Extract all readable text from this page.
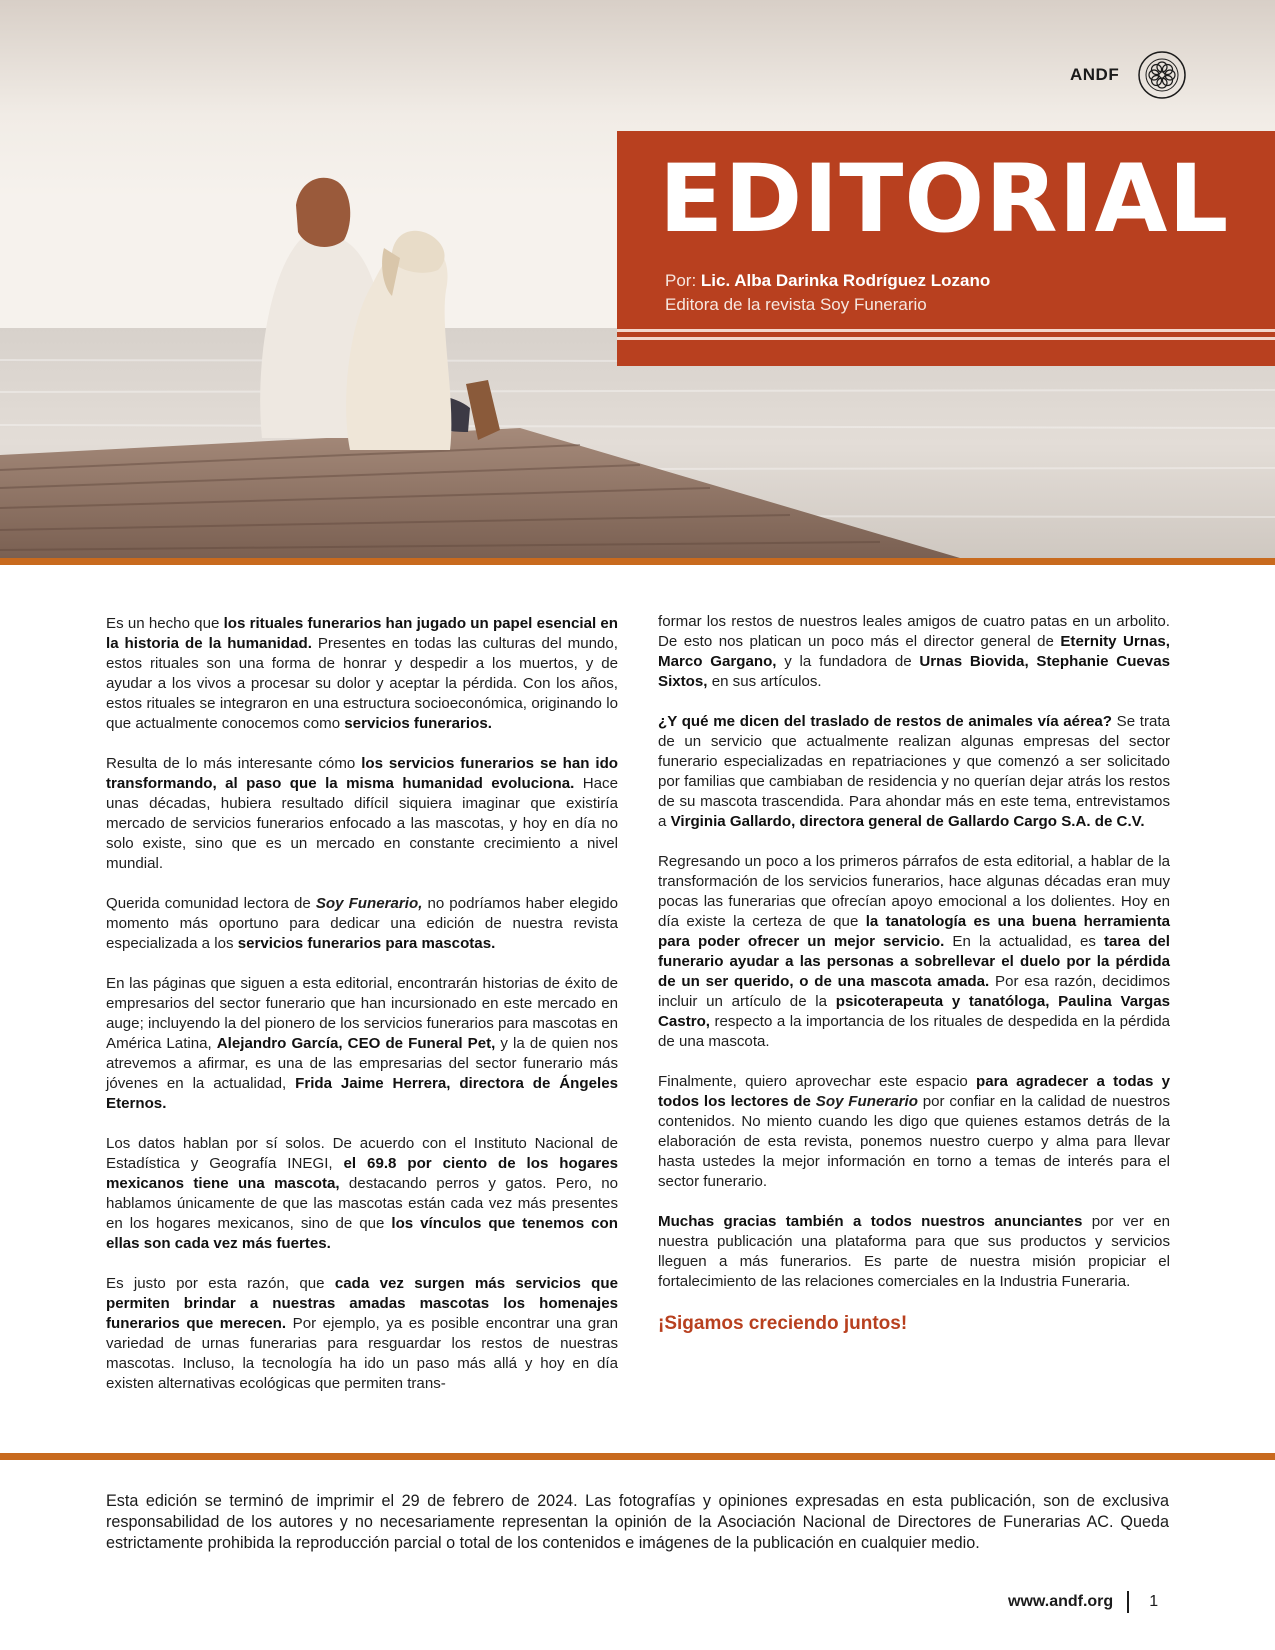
ANDF
EDITORIAL
Por: Lic. Alba Darinka Rodríguez Lozano
Editora de la revista Soy Funerario

Es un hecho que los rituales funerarios han jugado un papel esencial en la historia de la humanidad. Presentes en todas las culturas del mundo, estos rituales son una forma de honrar y despedir a los muertos, y de ayudar a los vivos a procesar su dolor y aceptar la pérdida. Con los años, estos rituales se integraron en una estructura socioeconómica, originando lo que actualmente conocemos como servicios funerarios.

Resulta de lo más interesante cómo los servicios funerarios se han ido transformando, al paso que la misma humanidad evoluciona. Hace unas décadas, hubiera resultado difícil siquiera imaginar que existiría mercado de servicios funerarios enfocado a las mascotas, y hoy en día no solo existe, sino que es un mercado en constante crecimiento a nivel mundial.

Querida comunidad lectora de Soy Funerario, no podríamos haber elegido momento más oportuno para dedicar una edición de nuestra revista especializada a los servicios funerarios para mascotas.

En las páginas que siguen a esta editorial, encontrarán historias de éxito de empresarios del sector funerario que han incursionado en este mercado en auge; incluyendo la del pionero de los servicios funerarios para mascotas en América Latina, Alejandro García, CEO de Funeral Pet, y la de quien nos atrevemos a afirmar, es una de las empresarias del sector funerario más jóvenes en la actualidad, Frida Jaime Herrera, directora de Ángeles Eternos.

Los datos hablan por sí solos. De acuerdo con el Instituto Nacional de Estadística y Geografía INEGI, el 69.8 por ciento de los hogares mexicanos tiene una mascota, destacando perros y gatos. Pero, no hablamos únicamente de que las mascotas están cada vez más presentes en los hogares mexicanos, sino de que los vínculos que tenemos con ellas son cada vez más fuertes.

Es justo por esta razón, que cada vez surgen más servicios que permiten brindar a nuestras amadas mascotas los homenajes funerarios que merecen. Por ejemplo, ya es posible encontrar una gran variedad de urnas funerarias para resguardar los restos de nuestras mascotas. Incluso, la tecnología ha ido un paso más allá y hoy en día existen alternativas ecológicas que permiten trans-

formar los restos de nuestros leales amigos de cuatro patas en un arbolito. De esto nos platican un poco más el director general de Eternity Urnas, Marco Gargano, y la fundadora de Urnas Biovida, Stephanie Cuevas Sixtos, en sus artículos.

¿Y qué me dicen del traslado de restos de animales vía aérea? Se trata de un servicio que actualmente realizan algunas empresas del sector funerario especializadas en repatriaciones y que comenzó a ser solicitado por familias que cambiaban de residencia y no querían dejar atrás los restos de su mascota trascendida. Para ahondar más en este tema, entrevistamos a Virginia Gallardo, directora general de Gallardo Cargo S.A. de C.V.

Regresando un poco a los primeros párrafos de esta editorial, a hablar de la transformación de los servicios funerarios, hace algunas décadas eran muy pocas las funerarias que ofrecían apoyo emocional a los dolientes. Hoy en día existe la certeza de que la tanatología es una buena herramienta para poder ofrecer un mejor servicio. En la actualidad, es tarea del funerario ayudar a las personas a sobrellevar el duelo por la pérdida de un ser querido, o de una mascota amada. Por esa razón, decidimos incluir un artículo de la psicoterapeuta y tanatóloga, Paulina Vargas Castro, respecto a la importancia de los rituales de despedida en la pérdida de una mascota.

Finalmente, quiero aprovechar este espacio para agradecer a todas y todos los lectores de Soy Funerario por confiar en la calidad de nuestros contenidos. No miento cuando les digo que quienes estamos detrás de la elaboración de esta revista, ponemos nuestro cuerpo y alma para llevar hasta ustedes la mejor información en torno a temas de interés para el sector funerario.

Muchas gracias también a todos nuestros anunciantes por ver en nuestra publicación una plataforma para que sus productos y servicios lleguen a más funerarios. Es parte de nuestra misión propiciar el fortalecimiento de las relaciones comerciales en la Industria Funeraria.

¡Sigamos creciendo juntos!
Esta edición se terminó de imprimir el 29 de febrero de 2024. Las fotografías y opiniones expresadas en esta publicación, son de exclusiva responsabilidad de los autores y no necesariamente representan la opinión de la Asociación Nacional de Directores de Funerarias AC. Queda estrictamente prohibida la reproducción parcial o total de los contenidos e imágenes de la publicación en cualquier medio.
www.andf.org 1
